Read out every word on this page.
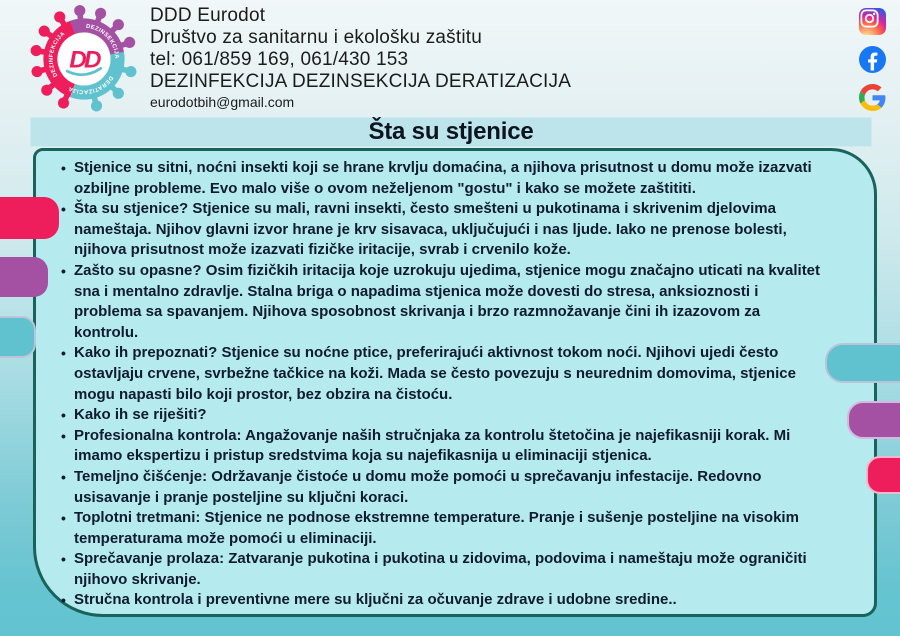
DEZINSEKCIJA
DERATIZACIJA
DEZINFEKCIJA
DD
DDD Eurodot
Društvo za sanitarnu i ekološku zaštitu
tel: 061/859 169, 061/430 153
DEZINFEKCIJA DEZINSEKCIJA DERATIZACIJA
eurodotbih@gmail.com
Šta su stjenice
• Stjenice su sitni, noćni insekti koji se hrane krvlju domaćina, a njihova prisutnost u domu može izazvati ozbiljne probleme. Evo malo više o ovom neželjenom "gostu" i kako se možete zaštititi.
• Šta su stjenice? Stjenice su mali, ravni insekti, često smešteni u pukotinama i skrivenim djelovima nameštaja. Njihov glavni izvor hrane je krv sisavaca, uključujući i nas ljude. Iako ne prenose bolesti, njihova prisutnost može izazvati fizičke iritacije, svrab i crvenilo kože.
• Zašto su opasne? Osim fizičkih iritacija koje uzrokuju ujedima, stjenice mogu značajno uticati na kvalitet sna i mentalno zdravlje. Stalna briga o napadima stjenica može dovesti do stresa, anksioznosti i problema sa spavanjem. Njihova sposobnost skrivanja i brzo razmnožavanje čini ih izazovom za kontrolu.
• Kako ih prepoznati? Stjenice su noćne ptice, preferirajući aktivnost tokom noći. Njihovi ujedi često ostavljaju crvene, svrbežne tačkice na koži. Mada se često povezuju s neurednim domovima, stjenice mogu napasti bilo koji prostor, bez obzira na čistoću.
• Kako ih se riješiti?
• Profesionalna kontrola: Angažovanje naših stručnjaka za kontrolu štetočina je najefikasniji korak. Mi imamo ekspertizu i pristup sredstvima koja su najefikasnija u eliminaciji stjenica.
• Temeljno čišćenje: Održavanje čistoće u domu može pomoći u sprečavanju infestacije. Redovno usisavanje i pranje posteljine su ključni koraci.
• Toplotni tretmani: Stjenice ne podnose ekstremne temperature. Pranje i sušenje posteljine na visokim temperaturama može pomoći u eliminaciji.
• Sprečavanje prolaza: Zatvaranje pukotina i pukotina u zidovima, podovima i nameštaju može ograničiti njihovo skrivanje.
• Stručna kontrola i preventivne mere su ključni za očuvanje zdrave i udobne sredine..
